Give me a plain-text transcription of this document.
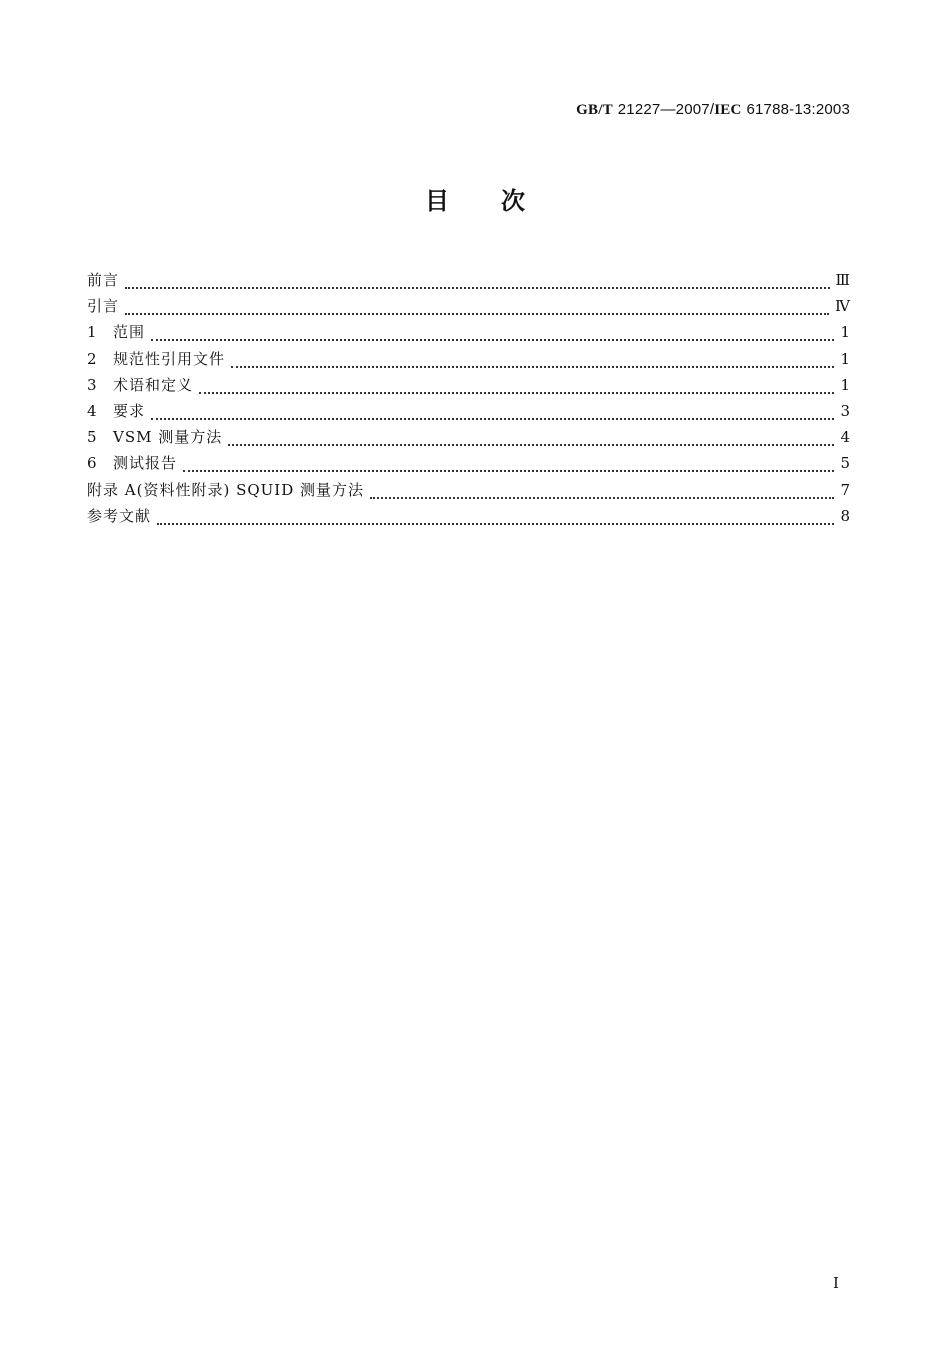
GB/T 21227—2007/IEC 61788-13:2003
目 次
前言	Ⅲ
引言	Ⅳ
1	范围	1
2	规范性引用文件	1
3	术语和定义	1
4	要求	3
5	VSM 测量方法	4
6	测试报告	5
附录 A(资料性附录) SQUID 测量方法	7
参考文献	8
Ⅰ
